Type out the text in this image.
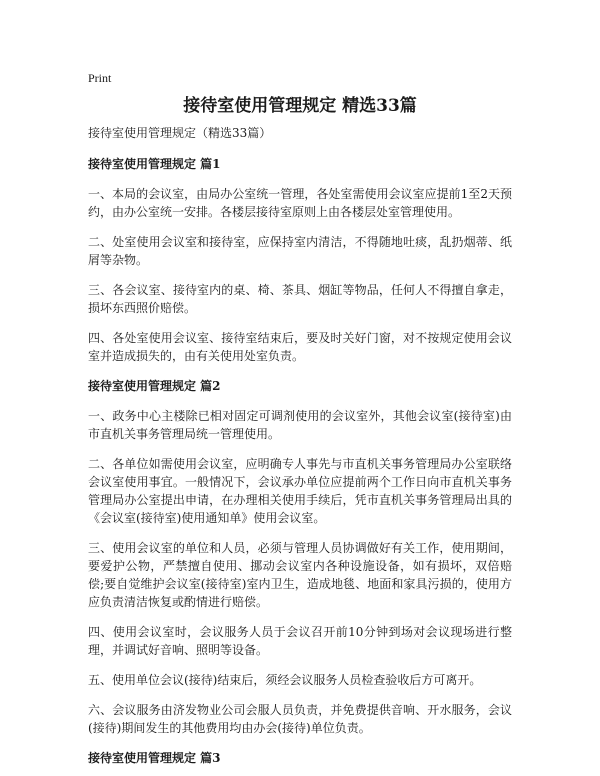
Print
接待室使用管理规定 精选33篇

接待室使用管理规定（精选33篇）

接待室使用管理规定 篇1

一、本局的会议室，由局办公室统一管理，各处室需使用会议室应提前1至2天预约，由办公室统一安排。各楼层接待室原则上由各楼层处室管理使用。

二、处室使用会议室和接待室，应保持室内清洁，不得随地吐痰，乱扔烟蒂、纸屑等杂物。

三、各会议室、接待室内的桌、椅、茶具、烟缸等物品，任何人不得擅自拿走，损坏东西照价赔偿。

四、各处室使用会议室、接待室结束后，要及时关好门窗，对不按规定使用会议室并造成损失的，由有关使用处室负责。

接待室使用管理规定 篇2

一、政务中心主楼除已相对固定可调剂使用的会议室外，其他会议室(接待室)由市直机关事务管理局统一管理使用。

二、各单位如需使用会议室，应明确专人事先与市直机关事务管理局办公室联络会议室使用事宜。一般情况下，会议承办单位应提前两个工作日向市直机关事务管理局办公室提出申请，在办理相关使用手续后，凭市直机关事务管理局出具的《会议室(接待室)使用通知单》使用会议室。

三、使用会议室的单位和人员，必须与管理人员协调做好有关工作，使用期间，要爱护公物，严禁擅自使用、挪动会议室内各种设施设备，如有损坏，双倍赔偿;要自觉维护会议室(接待室)室内卫生，造成地毯、地面和家具污损的，使用方应负责清洁恢复或酌情进行赔偿。

四、使用会议室时，会议服务人员于会议召开前10分钟到场对会议现场进行整理，并调试好音响、照明等设备。

五、使用单位会议(接待)结束后，须经会议服务人员检查验收后方可离开。

六、会议服务由济发物业公司会服人员负责，并免费提供音响、开水服务，会议(接待)期间发生的其他费用均由办会(接待)单位负责。

接待室使用管理规定 篇3
